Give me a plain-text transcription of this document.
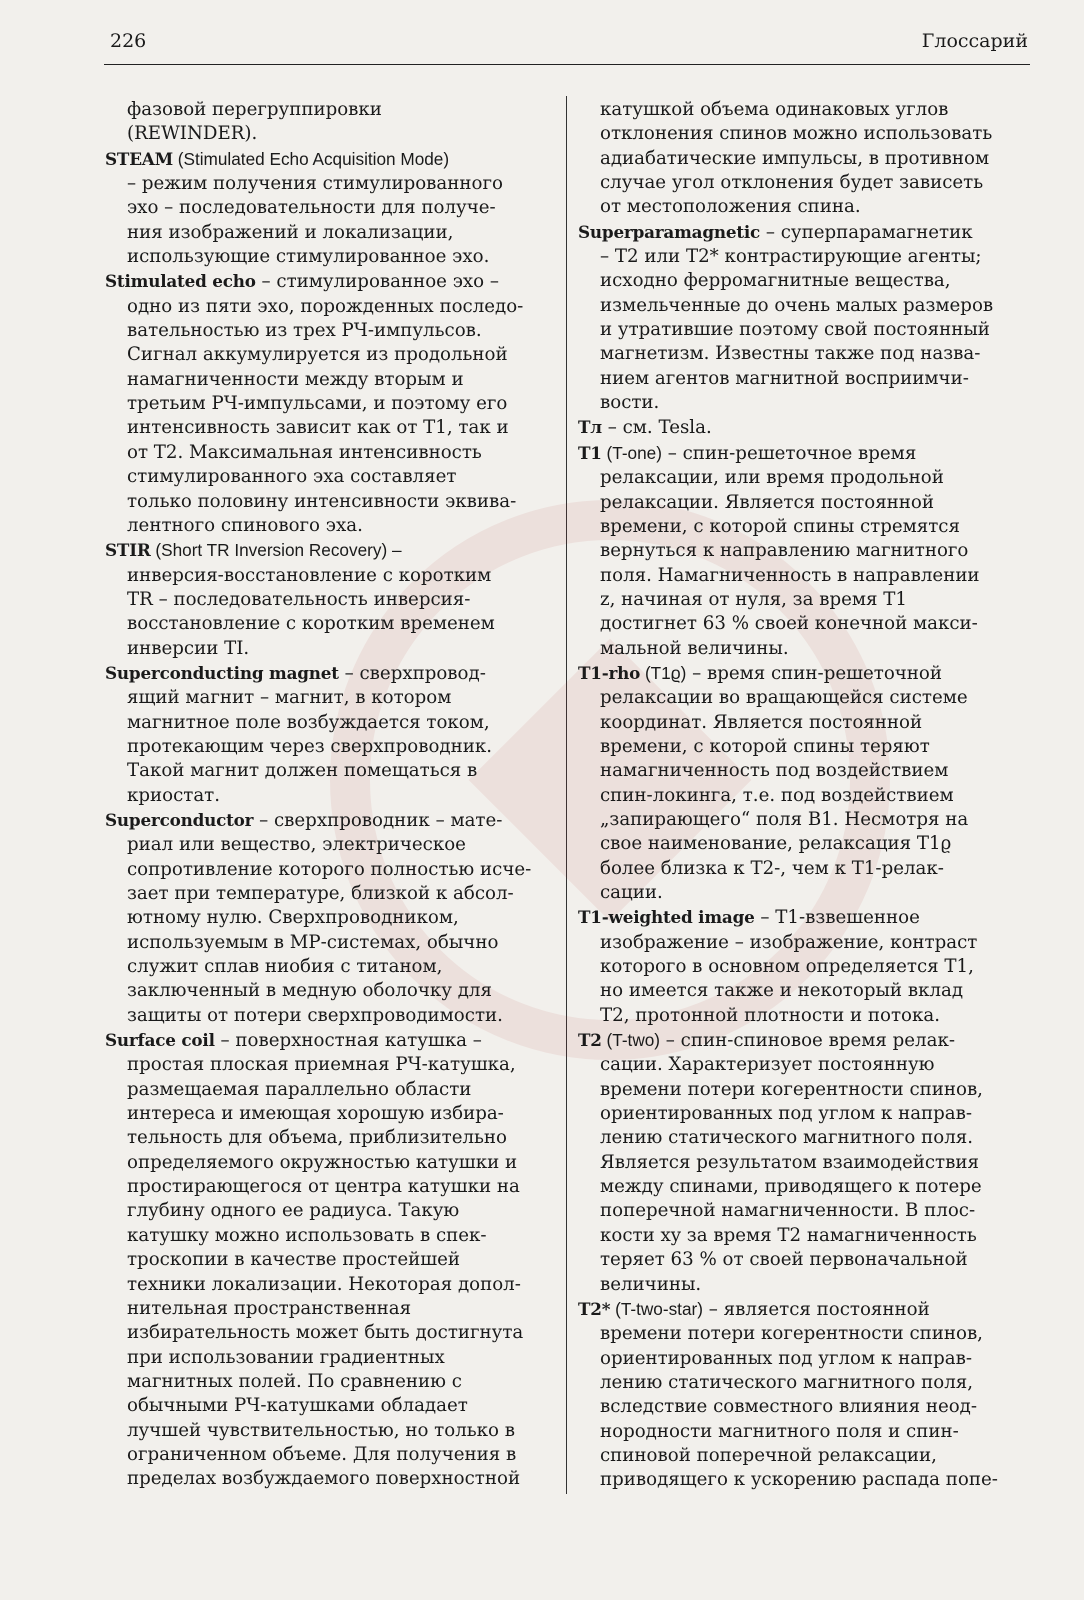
226	Глоссарий
фазовой перегруппировки
(REWINDER).
STEAM (Stimulated Echo Acquisition Mode)
– режим получения стимулированного
эхо – последовательности для получе-
ния изображений и локализации,
использующие стимулированное эхо.
Stimulated echo – стимулированное эхо –
одно из пяти эхо, порожденных последо-
вательностью из трех РЧ-импульсов.
Сигнал аккумулируется из продольной
намагниченности между вторым и
третьим РЧ-импульсами, и поэтому его
интенсивность зависит как от Т1, так и
от Т2. Максимальная интенсивность
стимулированного эха составляет
только половину интенсивности эквива-
лентного спинового эха.
STIR (Short TR Inversion Recovery) –
инверсия-восстановление с коротким
TR – последовательность инверсия-
восстановление с коротким временем
инверсии TI.
Superconducting magnet – сверхпровод-
ящий магнит – магнит, в котором
магнитное поле возбуждается током,
протекающим через сверхпроводник.
Такой магнит должен помещаться в
криостат.
Superconductor – сверхпроводник – мате-
риал или вещество, электрическое
сопротивление которого полностью исче-
зает при температуре, близкой к абсол-
ютному нулю. Сверхпроводником,
используемым в МР-системах, обычно
служит сплав ниобия с титаном,
заключенный в медную оболочку для
защиты от потери сверхпроводимости.
Surface coil – поверхностная катушка –
простая плоская приемная РЧ-катушка,
размещаемая параллельно области
интереса и имеющая хорошую избира-
тельность для объема, приблизительно
определяемого окружностью катушки и
простирающегося от центра катушки на
глубину одного ее радиуса. Такую
катушку можно использовать в спек-
троскопии в качестве простейшей
техники локализации. Некоторая допол-
нительная пространственная
избирательность может быть достигнута
при использовании градиентных
магнитных полей. По сравнению с
обычными РЧ-катушками обладает
лучшей чувствительностью, но только в
ограниченном объеме. Для получения в
пределах возбуждаемого поверхностной
катушкой объема одинаковых углов
отклонения спинов можно использовать
адиабатические импульсы, в противном
случае угол отклонения будет зависеть
от местоположения спина.
Superparamagnetic – суперпарамагнетик
– Т2 или Т2* контрастирующие агенты;
исходно ферромагнитные вещества,
измельченные до очень малых размеров
и утратившие поэтому свой постоянный
магнетизм. Известны также под назва-
нием агентов магнитной восприимчи-
вости.
Тл – см. Tesla.
T1 (T-one) – спин-решеточное время
релаксации, или время продольной
релаксации. Является постоянной
времени, с которой спины стремятся
вернуться к направлению магнитного
поля. Намагниченность в направлении
z, начиная от нуля, за время Т1
достигнет 63 % своей конечной макси-
мальной величины.
T1-rho (T1ϱ) – время спин-решеточной
релаксации во вращающейся системе
координат. Является постоянной
времени, с которой спины теряют
намагниченность под воздействием
спин-локинга, т.е. под воздействием
„запирающего“ поля В1. Несмотря на
свое наименование, релаксация Т1ϱ
более близка к Т2-, чем к Т1-релак-
сации.
T1-weighted image – Т1-взвешенное
изображение – изображение, контраст
которого в основном определяется Т1,
но имеется также и некоторый вклад
Т2, протонной плотности и потока.
T2 (T-two) – спин-спиновое время релак-
сации. Характеризует постоянную
времени потери когерентности спинов,
ориентированных под углом к направ-
лению статического магнитного поля.
Является результатом взаимодействия
между спинами, приводящего к потере
поперечной намагниченности. В плос-
кости xy за время Т2 намагниченность
теряет 63 % от своей первоначальной
величины.
T2* (T-two-star) – является постоянной
времени потери когерентности спинов,
ориентированных под углом к направ-
лению статического магнитного поля,
вследствие совместного влияния неод-
нородности магнитного поля и спин-
спиновой поперечной релаксации,
приводящего к ускорению распада попе-
